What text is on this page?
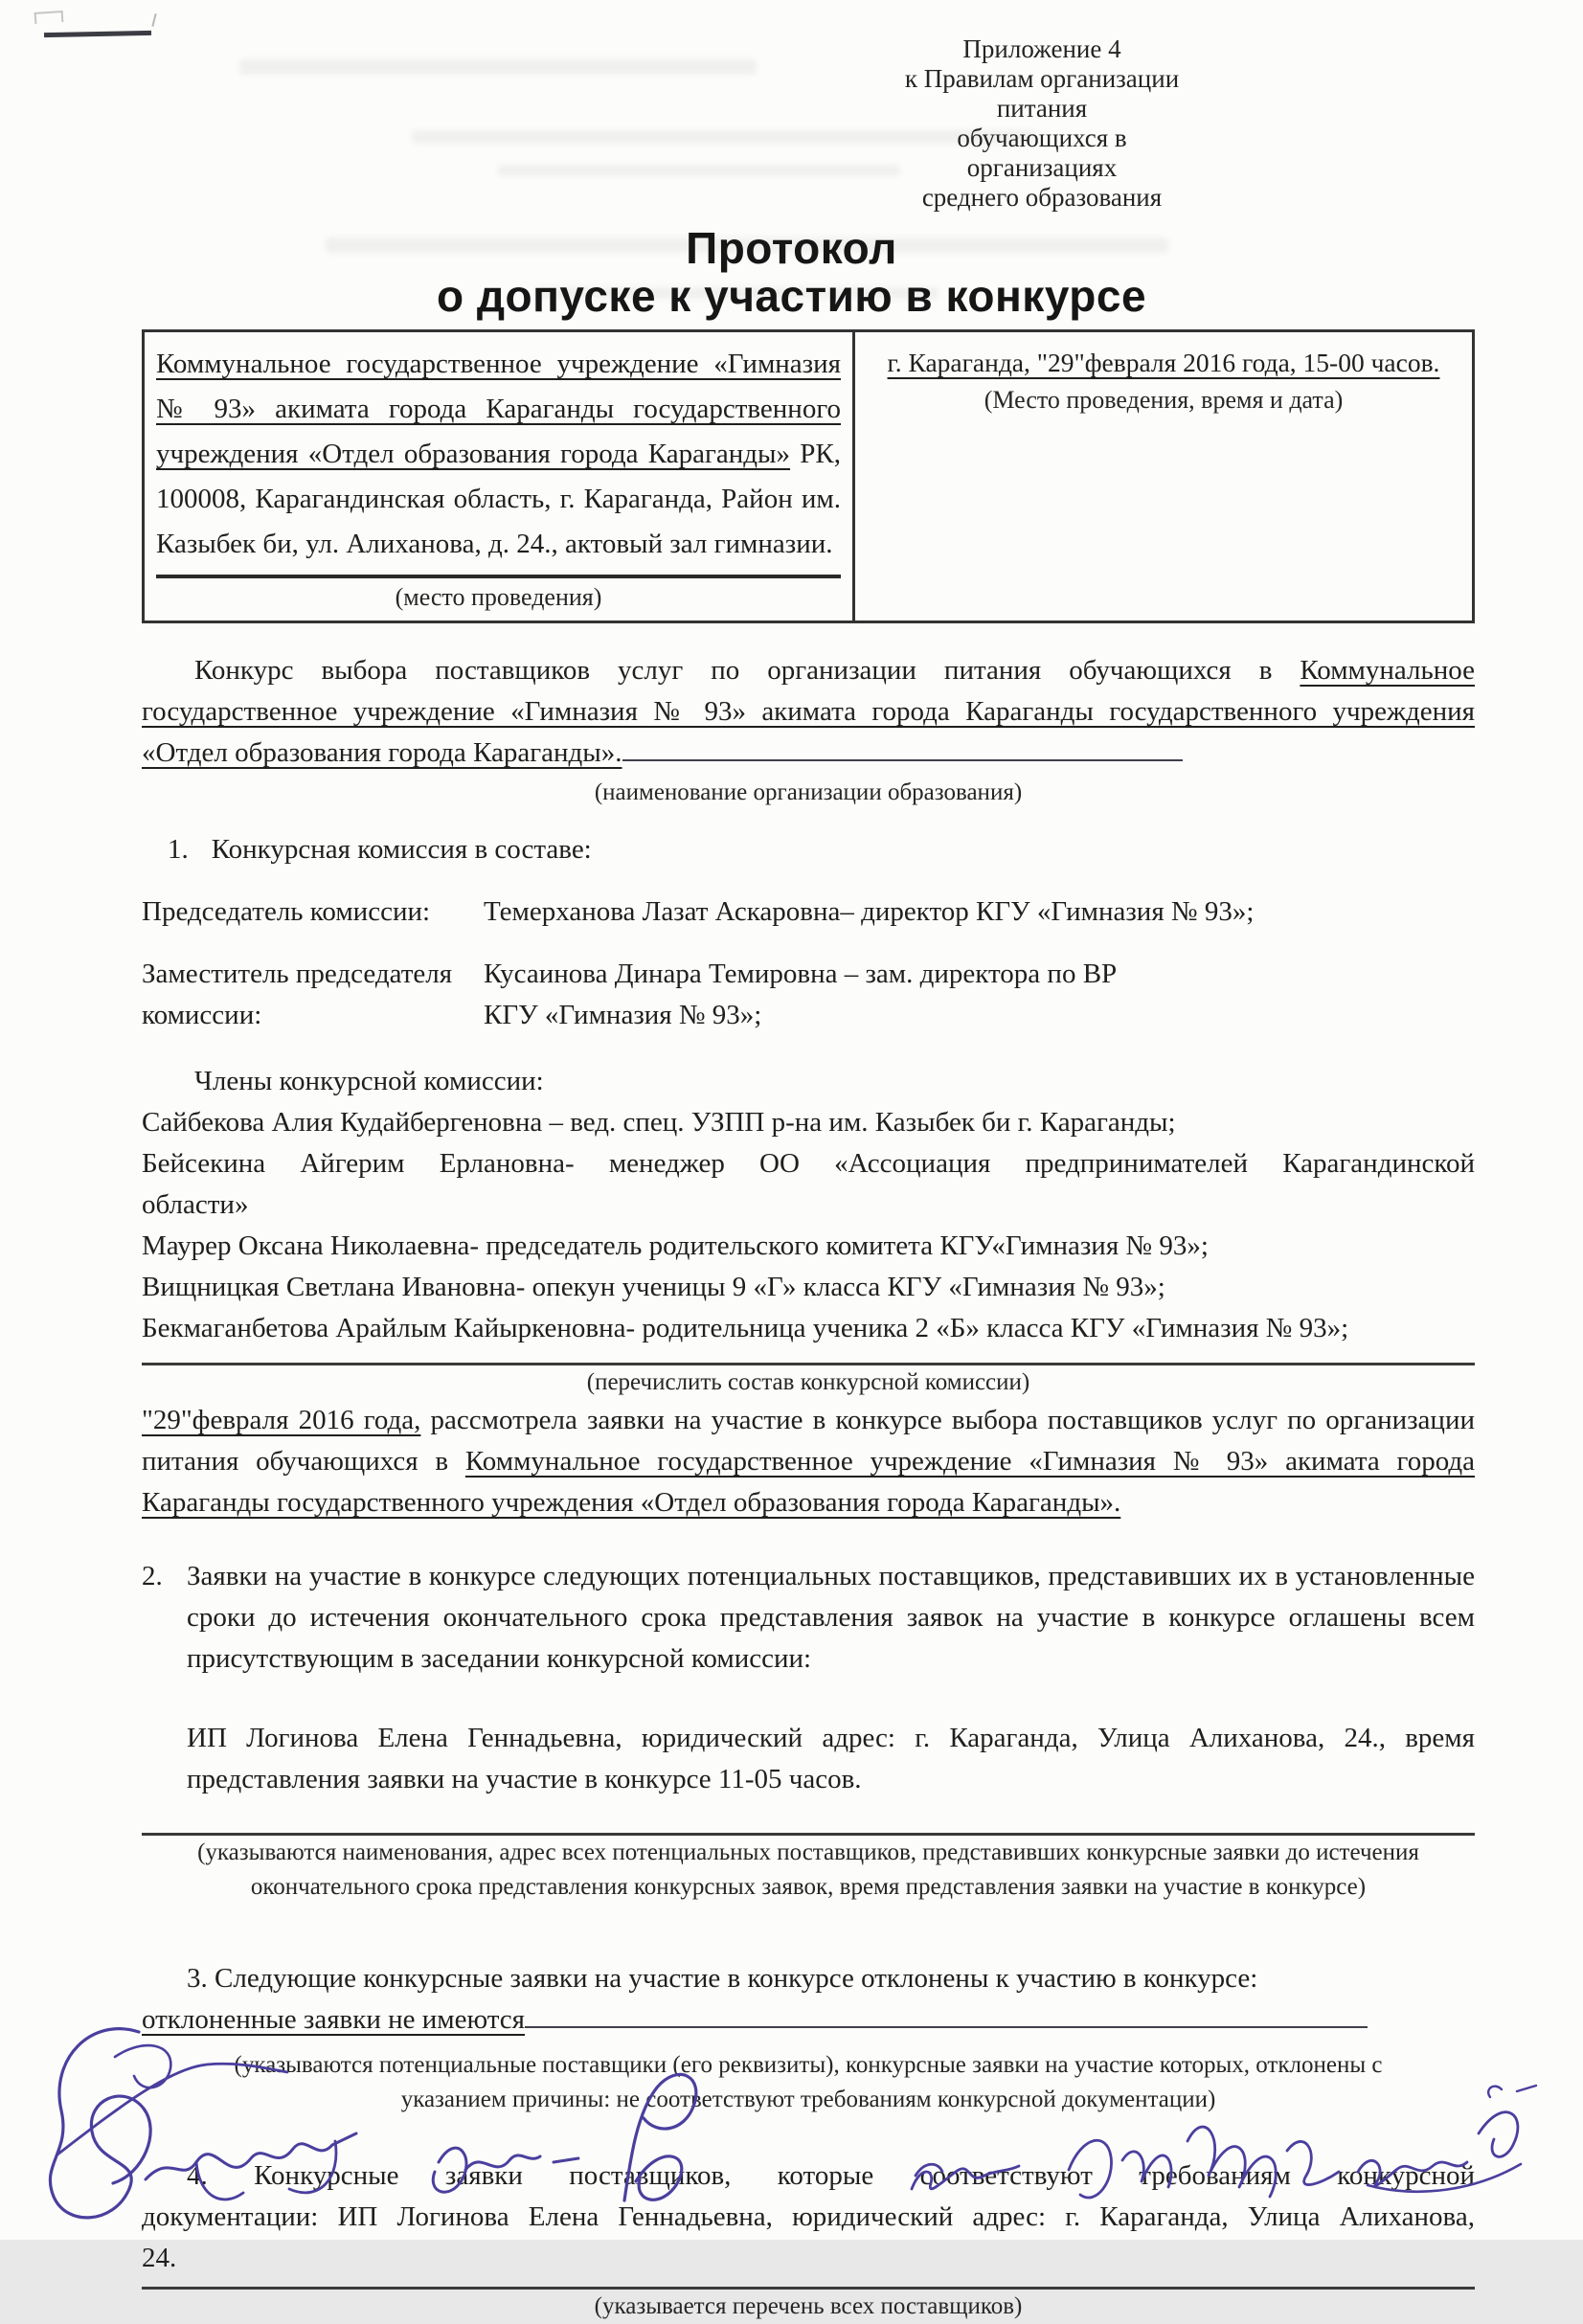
Приложение 4
к Правилам организации питания
обучающихся в организациях
среднего образования
Протокол
о допуске к участию в конкурсе
Коммунальное государственное учреждение «Гимназия № 93» акимата города Караганды государственного учреждения «Отдел образования города Караганды» РК, 100008, Карагандинская область, г. Караганда, Район им. Казыбек би, ул. Алиханова, д. 24., актовый зал гимназии.
(место проведения)
г. Караганда, "29"февраля 2016 года, 15-00 часов.
(Место проведения, время и дата)
Конкурс выбора поставщиков услуг по организации питания обучающихся в Коммунальное государственное учреждение «Гимназия № 93» акимата города Караганды государственного учреждения «Отдел образования города Караганды».
(наименование организации образования)
1. Конкурсная комиссия в составе:
Председатель комиссии:	Темерханова Лазат Аскаровна– директор КГУ «Гимназия № 93»;
Заместитель председателя комиссии:
Кусаинова Динара Темировна – зам. директора по ВР
КГУ «Гимназия № 93»;
Члены конкурсной комиссии:
Сайбекова Алия Кудайбергеновна – вед. спец. УЗПП р-на им. Казыбек би г. Караганды;
Бейсекина Айгерим Ерлановна- менеджер ОО «Ассоциация предпринимателей Карагандинской
области»
Маурер Оксана Николаевна- председатель родительского комитета КГУ«Гимназия № 93»;
Вищницкая Светлана Ивановна- опекун ученицы 9 «Г» класса КГУ «Гимназия № 93»;
Бекмаганбетова Арайлым Кайыркеновна- родительница ученика 2 «Б» класса КГУ «Гимназия № 93»;
(перечислить состав конкурсной комиссии)
"29"февраля 2016 года, рассмотрела заявки на участие в конкурсе выбора поставщиков услуг по организации питания обучающихся в Коммунальное государственное учреждение «Гимназия № 93» акимата города Караганды государственного учреждения «Отдел образования города Караганды».
2. Заявки на участие в конкурсе следующих потенциальных поставщиков, представивших их в установленные сроки до истечения окончательного срока представления заявок на участие в конкурсе оглашены всем присутствующим в заседании конкурсной комиссии:
ИП Логинова Елена Геннадьевна, юридический адрес: г. Караганда, Улица Алиханова, 24., время представления заявки на участие в конкурсе 11-05 часов.
(указываются наименования, адрес всех потенциальных поставщиков, представивших конкурсные заявки до истечения
окончательного срока представления конкурсных заявок, время представления заявки на участие в конкурсе)
3. Следующие конкурсные заявки на участие в конкурсе отклонены к участию в конкурсе:
отклоненные заявки не имеются
(указываются потенциальные поставщики (его реквизиты), конкурсные заявки на участие которых, отклонены с
указанием причины: не соответствуют требованиям конкурсной документации)
4. Конкурсные заявки поставщиков, которые соответствуют требованиям конкурсной
документации: ИП Логинова Елена Геннадьевна, юридический адрес: г. Караганда, Улица Алиханова,
24.
(указывается перечень всех поставщиков)
